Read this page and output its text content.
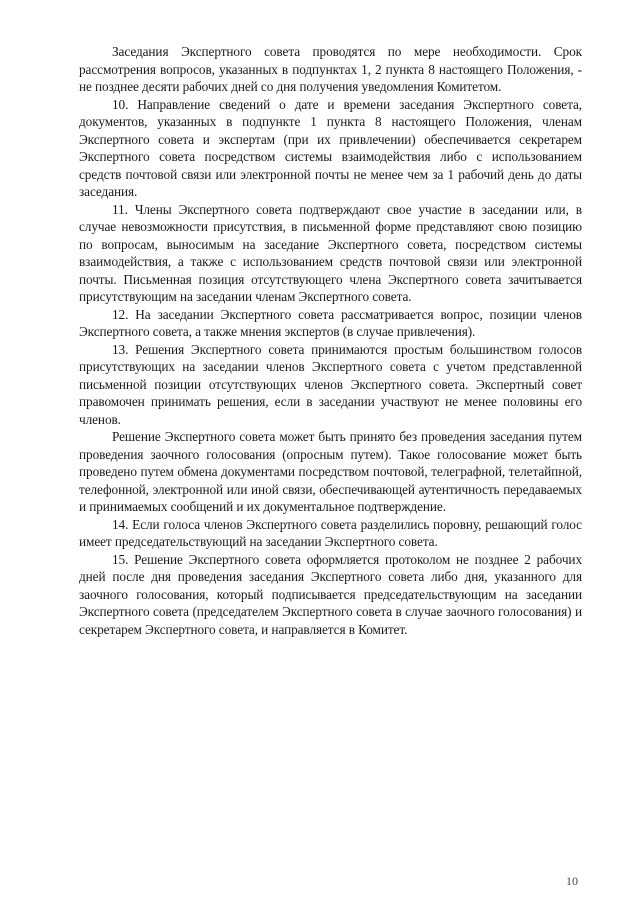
Заседания Экспертного совета проводятся по мере необходимости. Срок рассмотрения вопросов, указанных в подпунктах 1, 2 пункта 8 настоящего Положения, - не позднее десяти рабочих дней со дня получения уведомления Комитетом.

10. Направление сведений о дате и времени заседания Экспертного совета, документов, указанных в подпункте 1 пункта 8 настоящего Положения, членам Экспертного совета и экспертам (при их привлечении) обеспечивается секретарем Экспертного совета посредством системы взаимодействия либо с использованием средств почтовой связи или электронной почты не менее чем за 1 рабочий день до даты заседания.

11. Члены Экспертного совета подтверждают свое участие в заседании или, в случае невозможности присутствия, в письменной форме представляют свою позицию по вопросам, выносимым на заседание Экспертного совета, посредством системы взаимодействия, а также с использованием средств почтовой связи или электронной почты. Письменная позиция отсутствующего члена Экспертного совета зачитывается присутствующим на заседании членам Экспертного совета.

12. На заседании Экспертного совета рассматривается вопрос, позиции членов Экспертного совета, а также мнения экспертов (в случае привлечения).

13. Решения Экспертного совета принимаются простым большинством голосов присутствующих на заседании членов Экспертного совета с учетом представленной письменной позиции отсутствующих членов Экспертного совета. Экспертный совет правомочен принимать решения, если в заседании участвуют не менее половины его членов.

Решение Экспертного совета может быть принято без проведения заседания путем проведения заочного голосования (опросным путем). Такое голосование может быть проведено путем обмена документами посредством почтовой, телеграфной, телетайпной, телефонной, электронной или иной связи, обеспечивающей аутентичность передаваемых и принимаемых сообщений и их документальное подтверждение.

14. Если голоса членов Экспертного совета разделились поровну, решающий голос имеет председательствующий на заседании Экспертного совета.

15. Решение Экспертного совета оформляется протоколом не позднее 2 рабочих дней после дня проведения заседания Экспертного совета либо дня, указанного для заочного голосования, который подписывается председательствующим на заседании Экспертного совета (председателем Экспертного совета в случае заочного голосования) и секретарем Экспертного совета, и направляется в Комитет.

10
